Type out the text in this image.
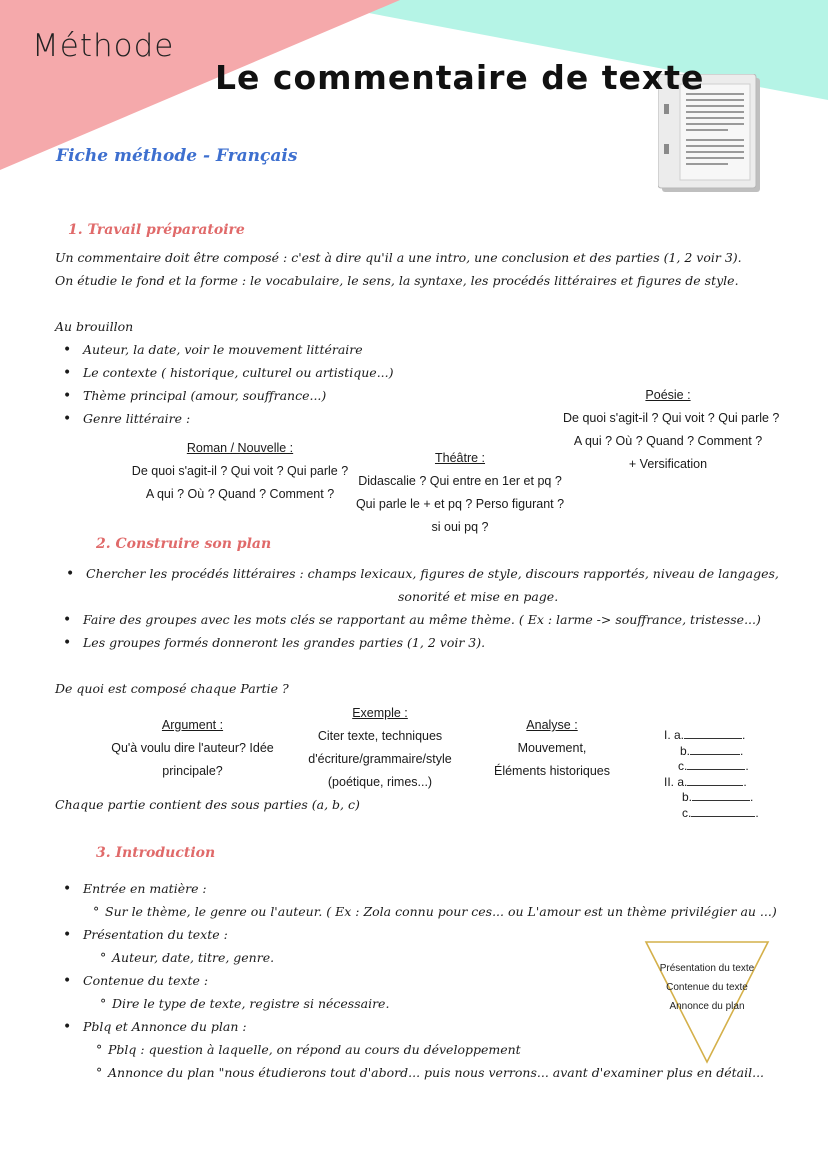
Méthode
Le commentaire de texte
Fiche méthode - Français
1. Travail préparatoire
Un commentaire doit être composé : c'est à dire qu'il a une intro, une conclusion et des parties (1, 2 voir 3).
On étudie le fond et la forme : le vocabulaire, le sens, la syntaxe, les procédés littéraires et figures de style.
Au brouillon
• Auteur, la date, voir le mouvement littéraire
• Le contexte ( historique, culturel ou artistique...)
• Thème principal (amour, souffrance...)
• Genre littéraire :
Roman / Nouvelle :
De quoi s'agit-il ? Qui voit ? Qui parle ?
A qui ? Où ? Quand ? Comment ?
Théâtre :
Didascalie ? Qui entre en 1er et pq ?
Qui parle le + et pq ? Perso figurant ?
si oui pq ?
Poésie :
De quoi s'agit-il ? Qui voit ? Qui parle ?
A qui ? Où ? Quand ? Comment ?
+ Versification
2. Construire son plan
• Chercher les procédés littéraires : champs lexicaux, figures de style, discours rapportés, niveau de langages,
sonorité et mise en page.
• Faire des groupes avec les mots clés se rapportant au même thème. ( Ex : larme -> souffrance, tristesse...)
• Les groupes formés donneront les grandes parties (1, 2 voir 3).
De quoi est composé chaque Partie ?
Argument :
Qu'à voulu dire l'auteur? Idée
principale?
Exemple :
Citer texte, techniques
d'écriture/grammaire/style
(poétique, rimes...)
Analyse :
Mouvement,
Éléments historiques
I. a.	.
b.	.
c.	.
II. a.	.
b.	.
c.	.
Chaque partie contient des sous parties (a, b, c)
3. Introduction
• Entrée en matière :
° Sur le thème, le genre ou l'auteur. ( Ex : Zola connu pour ces... ou L'amour est un thème privilégier au ...)
• Présentation du texte :
° Auteur, date, titre, genre.
• Contenue du texte :
° Dire le type de texte, registre si nécessaire.
• Pblq et Annonce du plan :
° Pblq : question à laquelle, on répond au cours du développement
° Annonce du plan "nous étudierons tout d'abord... puis nous verrons... avant d'examiner plus en détail...
Présentation du texte
Contenue du texte
Annonce du plan
